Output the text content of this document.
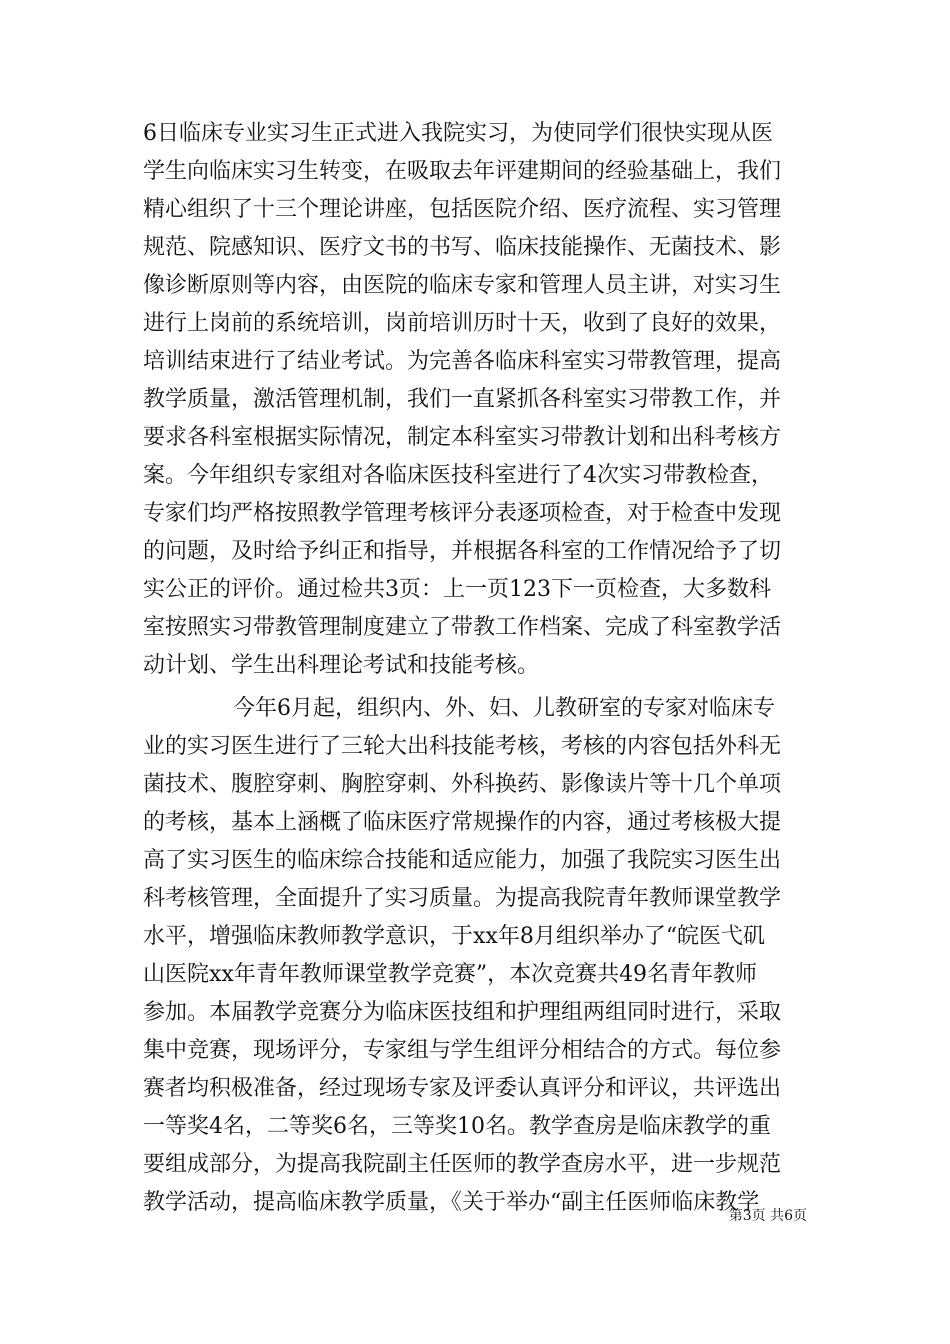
6日临床专业实习生正式进入我院实习，为使同学们很快实现从医
学生向临床实习生转变，在吸取去年评建期间的经验基础上，我们
精心组织了十三个理论讲座，包括医院介绍、医疗流程、实习管理
规范、院感知识、医疗文书的书写、临床技能操作、无菌技术、影
像诊断原则等内容，由医院的临床专家和管理人员主讲，对实习生
进行上岗前的系统培训，岗前培训历时十天，收到了良好的效果，
培训结束进行了结业考试。为完善各临床科室实习带教管理，提高
教学质量，激活管理机制，我们一直紧抓各科室实习带教工作，并
要求各科室根据实际情况，制定本科室实习带教计划和出科考核方
案。今年组织专家组对各临床医技科室进行了4次实习带教检查，
专家们均严格按照教学管理考核评分表逐项检查，对于检查中发现
的问题，及时给予纠正和指导，并根据各科室的工作情况给予了切
实公正的评价。通过检共3页：上一页123下一页检查，大多数科
室按照实习带教管理制度建立了带教工作档案、完成了科室教学活
动计划、学生出科理论考试和技能考核。
今年6月起，组织内、外、妇、儿教研室的专家对临床专
业的实习医生进行了三轮大出科技能考核，考核的内容包括外科无
菌技术、腹腔穿刺、胸腔穿刺、外科换药、影像读片等十几个单项
的考核，基本上涵概了临床医疗常规操作的内容，通过考核极大提
高了实习医生的临床综合技能和适应能力，加强了我院实习医生出
科考核管理，全面提升了实习质量。为提高我院青年教师课堂教学
水平，增强临床教师教学意识，于xx年8月组织举办了“皖医弋矶
山医院xx年青年教师课堂教学竞赛”，本次竞赛共49名青年教师
参加。本届教学竞赛分为临床医技组和护理组两组同时进行，采取
集中竞赛，现场评分，专家组与学生组评分相结合的方式。每位参
赛者均积极准备，经过现场专家及评委认真评分和评议，共评选出
一等奖4名，二等奖6名，三等奖10名。教学查房是临床教学的重
要组成部分，为提高我院副主任医师的教学查房水平，进一步规范
教学活动，提高临床教学质量，《关于举办“副主任医师临床教学
第3页 共6页
